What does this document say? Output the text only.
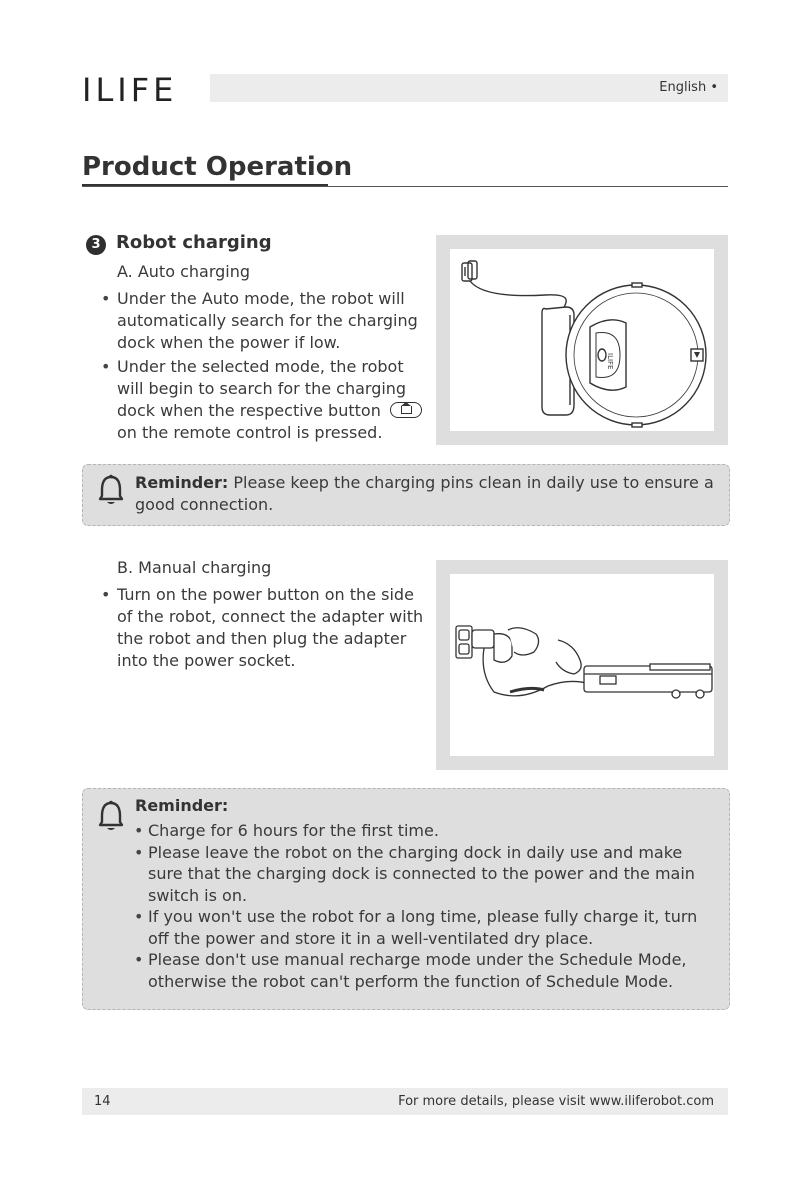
ILIFE	English •
Product Operation
3 Robot charging
A. Auto charging
• Under the Auto mode, the robot will automatically search for the charging dock when the power if low.
• Under the selected mode, the robot will begin to search for the charging dock when the respective button  on the remote control is pressed.
ILIFE
Reminder: Please keep the charging pins clean in daily use to ensure a good connection.
B. Manual charging
• Turn on the power button on the side of the robot, connect the adapter with the robot and then plug the adapter into the power socket.
Reminder:
• Charge for 6 hours for the first time.
• Please leave the robot on the charging dock in daily use and make sure that the charging dock is connected to the power and the main switch is on.
• If you won't use the robot for a long time, please fully charge it, turn off the power and store it in a well-ventilated dry place.
• Please don't use manual recharge mode under the Schedule Mode, otherwise the robot can't perform the function of Schedule Mode.
14	For more details, please visit www.iliferobot.com
